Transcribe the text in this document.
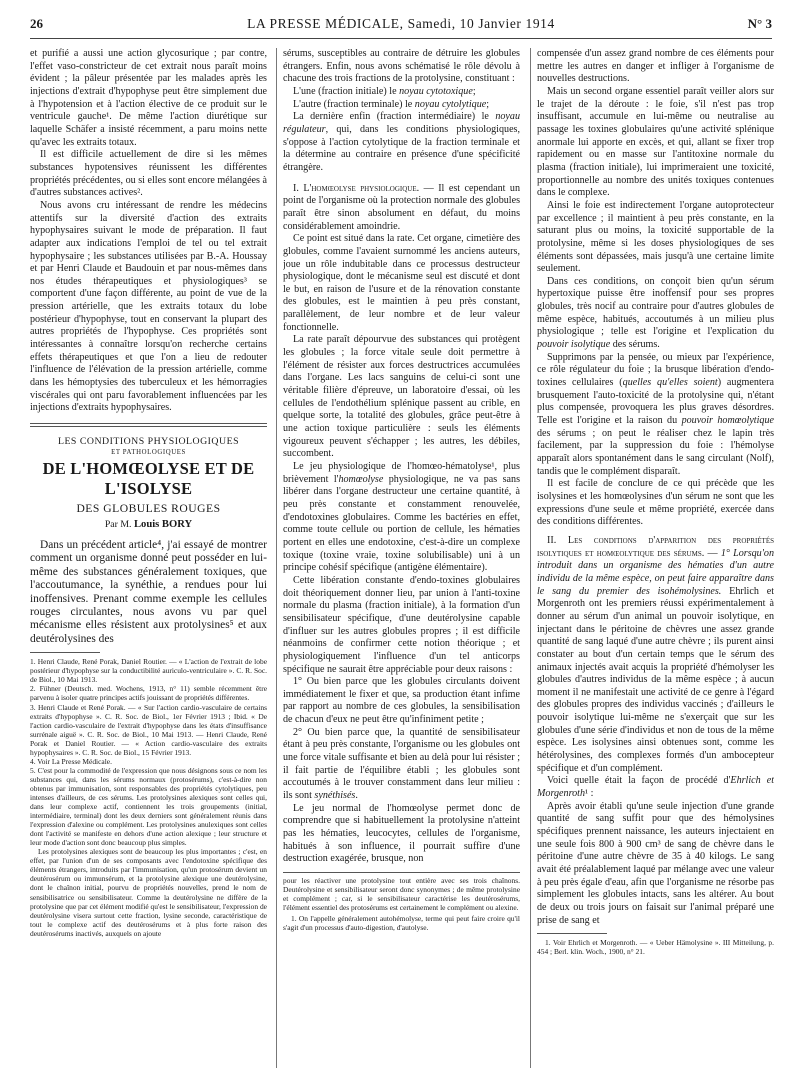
26	LA PRESSE MÉDICALE, Samedi, 10 Janvier 1914	N° 3

et purifié a aussi une action glycosurique ; par contre, l'effet vaso-constricteur de cet extrait nous paraît moins évident ; la pâleur présentée par les malades après les injections d'extrait d'hypophyse peut être simplement due à l'hypotension et à l'action élective de ce produit sur le ventricule gauche¹. De même l'action diurétique sur laquelle Schäfer a insisté récemment, a paru moins nette qu'avec les extraits totaux.

Il est difficile actuellement de dire si les mêmes substances hypotensives réunissent les différentes propriétés précédentes, ou si elles sont encore mélangées à d'autres substances actives².

Nous avons cru intéressant de rendre les médecins attentifs sur la diversité d'action des extraits hypophysaires suivant le mode de préparation. Il faut adapter aux indications l'emploi de tel ou tel extrait hypophysaire ; les substances utilisées par B.-A. Houssay et par Henri Claude et Baudouin et par nous-mêmes dans nos études thérapeutiques et physiologiques³ se comportent d'une façon différente, au point de vue de la pression artérielle, que les extraits totaux du lobe postérieur d'hypophyse, tout en conservant la plupart des autres propriétés de l'hypophyse. Ces propriétés sont intéressantes à connaître lorsqu'on recherche certains effets thérapeutiques et que l'on a lieu de redouter l'influence de l'élévation de la pression artérielle, comme dans les hémoptysies des tuberculeux et les hémorragies viscérales qui ont paru favorablement influencées par les injections d'extraits hypophysaires.

LES CONDITIONS PHYSIOLOGIQUES
ET PATHOLOGIQUES
DE L'HOMŒOLYSE ET DE L'ISOLYSE
DES GLOBULES ROUGES
Par M. Louis BORY

Dans un précédent article⁴, j'ai essayé de montrer comment un organisme donné peut posséder en lui-même des substances généralement toxiques, que l'accoutumance, la synéthie, a rendues pour lui inoffensives. Prenant comme exemple les cellules rouges circulantes, nous avons vu par quel mécanisme elles résistent aux protolysines⁵ et aux deutérolysines des

1. Henri Claude, René Porak, Daniel Routier. — « L'action de l'extrait de lobe postérieur d'hypophyse sur la conductibilité auriculo-ventriculaire ». C. R. Soc. de Biol., 10 Mai 1913.

2. Fühner (Deutsch. med. Wochens, 1913, n° 11) semble récemment être parvenu à isoler quatre principes actifs jouissant de propriétés différentes.

3. Henri Claude et René Porak. — « Sur l'action cardio-vasculaire de certains extraits d'hypophyse ». C. R. Soc. de Biol., 1er Février 1913 ; Ibid. « De l'action cardio-vasculaire de l'extrait d'hypophyse dans les états d'insuffisance surrénale aiguë ». C. R. Soc. de Biol., 10 Mai 1913. — Henri Claude, René Porak et Daniel Routier. — « Action cardio-vasculaire des extraits hypophysaires ». C. R. Soc. de Biol., 15 Février 1913.

4. Voir La Presse Médicale.

5. C'est pour la commodité de l'expression que nous désignons sous ce nom les substances qui, dans les sérums normaux (protosérums), c'est-à-dire non obtenus par immunisation, sont responsables des propriétés cytolytiques, peu intenses d'ailleurs, de ces sérums. Les protolysines alexiques sont celles qui, dans leur complexe actif, contiennent les trois groupements (initial, intermédiaire, terminal) dont les deux derniers sont généralement réunis dans l'expression d'alexine ou complément. Les protolysines anulexiques sont celles dont l'activité se manifeste en dehors d'une action alexique ; leur structure et leur mode d'action sont donc beaucoup plus simples.

Les protolysines alexiques sont de beaucoup les plus importantes ; c'est, en effet, par l'union d'un de ses composants avec l'endotoxine spécifique des éléments étrangers, introduits par l'immunisation, qu'un protosérum devient un deutérosérum ou immunsérum, et la protolysine alexique une deutérolysine, dont le chaînon initial, pourvu de propriétés nouvelles, prend le nom de sensibilisatrice ou sensibilisateur. Comme la deutérolysine ne diffère de la protolysine que par cet élément modifié qu'est le sensibilisateur, l'expression de deutérolysine visera surtout cette fraction, lysine seconde, caractéristique de tout le complexe actif des deutérosérums et à plus forte raison des deutérosérums inactivés, auxquels on ajoute

sérums, susceptibles au contraire de détruire les globules étrangers. Enfin, nous avons schématisé le rôle dévolu à chacune des trois fractions de la protolysine, constituant :

L'une (fraction initiale) le noyau cytotoxique;

L'autre (fraction terminale) le noyau cytolytique;

La dernière enfin (fraction intermédiaire) le noyau régulateur, qui, dans les conditions physiologiques, s'oppose à l'action cytolytique de la fraction terminale et la détermine au contraire en présence d'une spécificité étrangère.

I. L'homœolyse physiologique. — Il est cependant un point de l'organisme où la protection normale des globules paraît être sinon absolument en défaut, du moins considérablement amoindrie.

Ce point est situé dans la rate. Cet organe, cimetière des globules, comme l'avaient surnommé les anciens auteurs, joue un rôle indubitable dans ce processus destructeur physiologique, dont le mécanisme seul est discuté et dont le but, en raison de l'usure et de la rénovation constante des globules, est le maintien à peu près constant, parallèlement, de leur nombre et de leur valeur fonctionnelle.

La rate paraît dépourvue des substances qui protègent les globules ; la force vitale seule doit permettre à l'élément de résister aux forces destructrices accumulées dans l'organe. Les lacs sanguins de celui-ci sont une véritable filière d'épreuve, un laboratoire d'essai, où les cellules de l'endothélium splénique passent au crible, en quelque sorte, la totalité des globules, grâce peut-être à une action toxique particulière : seuls les éléments vigoureux peuvent s'échapper ; les autres, les débiles, succombent.

Le jeu physiologique de l'homœo-hématolyse¹, plus brièvement l'homœolyse physiologique, ne va pas sans libérer dans l'organe destructeur une certaine quantité, à peu près constante et constamment renouvelée, d'endotoxines globulaires. Comme les bactéries en effet, comme toute cellule ou portion de cellule, les hématies portent en elles une endotoxine, c'est-à-dire un complexe toxique (toxine vraie, toxine solubilisable) uni à un principe cohésif spécifique (antigène élémentaire).

Cette libération constante d'endo-toxines globulaires doit théoriquement donner lieu, par union à l'anti-toxine normale du plasma (fraction initiale), à la formation d'un sensibilisateur spécifique, d'une deutérolysine capable d'influer sur les autres globules propres ; il est difficile néanmoins de confirmer cette notion théorique ; et physiologiquement l'influence d'un tel anticorps spécifique ne saurait être appréciable pour deux raisons :

1° Ou bien parce que les globules circulants doivent immédiatement le fixer et que, sa production étant infime par rapport au nombre de ces globules, la sensibilisation de chacun d'eux ne peut être qu'infiniment petite ;

2° Ou bien parce que, la quantité de sensibilisateur étant à peu près constante, l'organisme ou les globules ont une force vitale suffisante et bien au delà pour lui résister ; il fait partie de l'équilibre établi ; les globules sont accoutumés à le trouver constamment dans leur milieu : ils sont synéthisés.

Le jeu normal de l'homœolyse permet donc de comprendre que si habituellement la protolysine n'atteint pas les hématies, leucocytes, cellules de l'organisme, habitués à son influence, il pourrait suffire d'une destruction exagérée, brusque, non

pour les réactiver une protolysine tout entière avec ses trois chaînons. Deutérolysine et sensibilisateur seront donc synonymes ; de même protolysine et complément ; car, si le sensibilisateur caractérise les deutérosérums, l'élément essentiel des protosérums est certainement le complément ou alexine.

1. On l'appelle généralement autohémolyse, terme qui peut faire croire qu'il s'agit d'un processus d'auto-digestion, d'autolyse.

compensée d'un assez grand nombre de ces éléments pour mettre les autres en danger et infliger à l'organisme de nouvelles destructions.

Mais un second organe essentiel paraît veiller alors sur le trajet de la déroute : le foie, s'il n'est pas trop insuffisant, accumule en lui-même ou neutralise au passage les toxines globulaires qu'une activité splénique anormale lui apporte en excès, et qui, allant se fixer trop rapidement ou en masse sur l'antitoxine normale du plasma (fraction initiale), lui imprimeraient une toxicité, proportionnelle au nombre des unités toxiques contenues dans le complexe.

Ainsi le foie est indirectement l'organe autoprotecteur par excellence ; il maintient à peu près constante, en la saturant plus ou moins, la toxicité supportable de la protolysine, même si les doses physiologiques de ses éléments sont dépassées, mais jusqu'à une certaine limite seulement.

Dans ces conditions, on conçoit bien qu'un sérum hypertoxique puisse être inoffensif pour ses propres globules, très nocif au contraire pour d'autres globules de même espèce, habitués, accoutumés à un milieu plus physiologique ; telle est l'origine et l'explication du pouvoir isolytique des sérums.

Supprimons par la pensée, ou mieux par l'expérience, ce rôle régulateur du foie ; la brusque libération d'endo-toxines cellulaires (quelles qu'elles soient) augmentera brusquement l'auto-toxicité de la protolysine qui, n'étant plus compensée, provoquera les plus graves désordres. Telle est l'origine et la raison du pouvoir homœolytique des sérums ; on peut le réaliser chez le lapin très facilement, par la suppression du foie : l'hémolyse apparaît alors spontanément dans le sang circulant (Nolf), tandis que le complément disparaît.

Il est facile de conclure de ce qui précède que les isolysines et les homœolysines d'un sérum ne sont que les expressions d'une seule et même propriété, exercée dans des conditions différentes.

II. Les conditions d'apparition des propriétés isolytiques et homœolytique des sérums. — 1° Lorsqu'on introduit dans un organisme des hématies d'un autre individu de la même espèce, on peut faire apparaître dans le sang du premier des isohémolysines. Ehrlich et Morgenroth ont les premiers réussi expérimentalement à donner au sérum d'un animal un pouvoir isolytique, en injectant dans le péritoine de chèvres une assez grande quantité de sang laqué d'une autre chèvre ; ils purent ainsi constater au bout d'un certain temps que le sérum des animaux injectés avait acquis la propriété d'hémolyser les globules d'autres individus de la même espèce ; à aucun moment il ne manifestait une activité de ce genre à l'égard des globules propres des individus vaccinés ; d'ailleurs le pouvoir isolytique lui-même ne s'exerçait que sur les globules d'une série d'individus et non de tous de la même espèce. Les isolysines ainsi obtenues sont, comme les hétérolysines, des complexes formés d'un ambocepteur spécifique et d'un complément.

Voici quelle était la façon de procédé d'Ehrlich et Morgenroth¹ :

Après avoir établi qu'une seule injection d'une grande quantité de sang suffit pour que des hémolysines spécifiques prennent naissance, les auteurs injectaient en une seule fois 800 à 900 cm³ de sang de chèvre dans le péritoine d'une autre chèvre de 35 à 40 kilogs. Le sang avait été préalablement laqué par mélange avec une valeur à peu près égale d'eau, afin que l'organisme ne résorbe pas simplement les globules intacts, sans les altérer. Au bout de deux ou trois jours on faisait sur l'animal préparé une prise de sang et

1. Voir Ehrlich et Morgenroth. — « Ueber Hämolysine ». III Mitteilung, p. 454 ; Berl. klin. Woch., 1900, n° 21.
